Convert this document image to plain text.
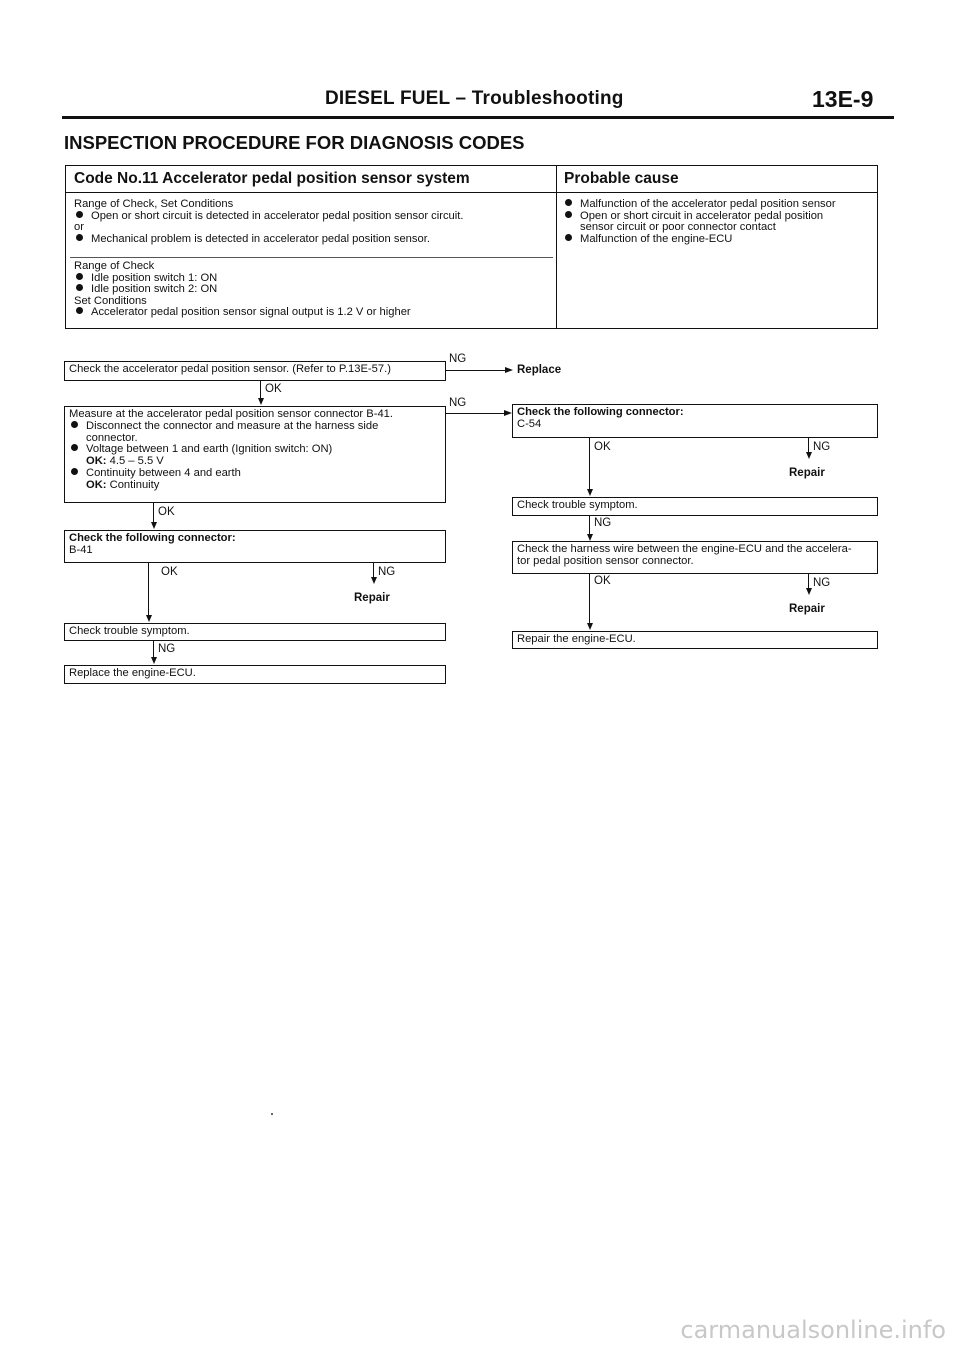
DIESEL FUEL – Troubleshooting	13E-9
INSPECTION PROCEDURE FOR DIAGNOSIS CODES
Code No.11 Accelerator pedal position sensor system	Probable cause
Range of Check, Set Conditions
Open or short circuit is detected in accelerator pedal position sensor circuit.
or
Mechanical problem is detected in accelerator pedal position sensor.
Range of Check
Idle position switch 1: ON
Idle position switch 2: ON
Set Conditions
Accelerator pedal position sensor signal output is 1.2 V or higher
Malfunction of the accelerator pedal position sensor
Open or short circuit in accelerator pedal position
sensor circuit or poor connector contact
Malfunction of the engine-ECU
Check the accelerator pedal position sensor. (Refer to P.13E-57.)
NG
Replace
OK
Measure at the accelerator pedal position sensor connector B-41.
Disconnect the connector and measure at the harness side
connector.
Voltage between 1 and earth (Ignition switch: ON)
OK: 4.5 – 5.5 V
Continuity between 4 and earth
OK: Continuity
NG
OK
Check the following connector:
B-41
OK	NG
Repair
Check trouble symptom.
NG
Replace the engine-ECU.
Check the following connector:
C-54
OK	NG
Repair
Check trouble symptom.
NG
Check the harness wire between the engine-ECU and the accelera-
tor pedal position sensor connector.
OK	NG
Repair
Repair the engine-ECU.
carmanualsonline.info
